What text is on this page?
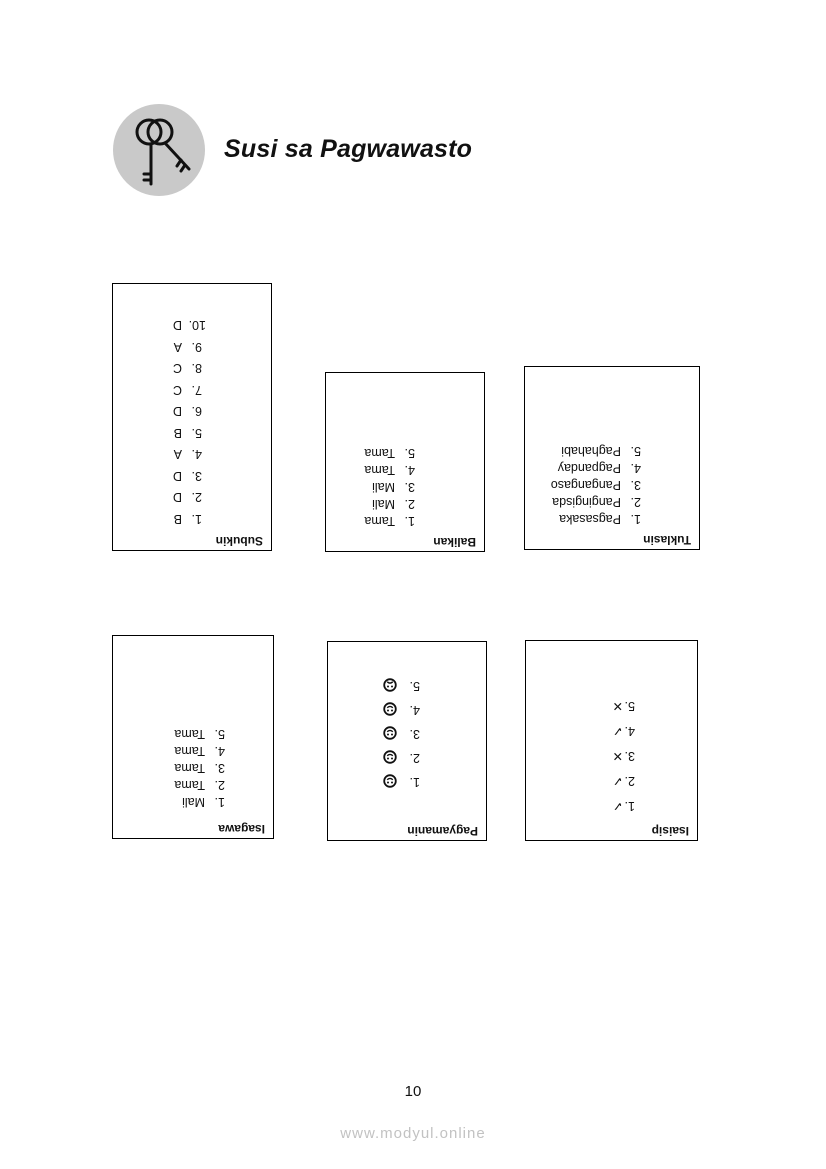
Susi sa Pagwawasto
Subukin
1.B
2.D
3.D
4.A
5.B
6.D
7.C
8.C
9.A
10.D
Balikan
1.Tama
2.Mali
3.Mali
4.Tama
5.Tama
Tuklasin
1.Pagsasaka
2.Pangingisda
3.Pangangaso
4.Pagpanday
5.Paghahabi
Isagawa
1.Mali
2.Tama
3.Tama
4.Tama
5.Tama
Pagyamanin
1.
2.
3.
4.
5.
Isaisip
1.✓
2.✓
3.✕
4.✓
5.✕
10
www.modyul.online
